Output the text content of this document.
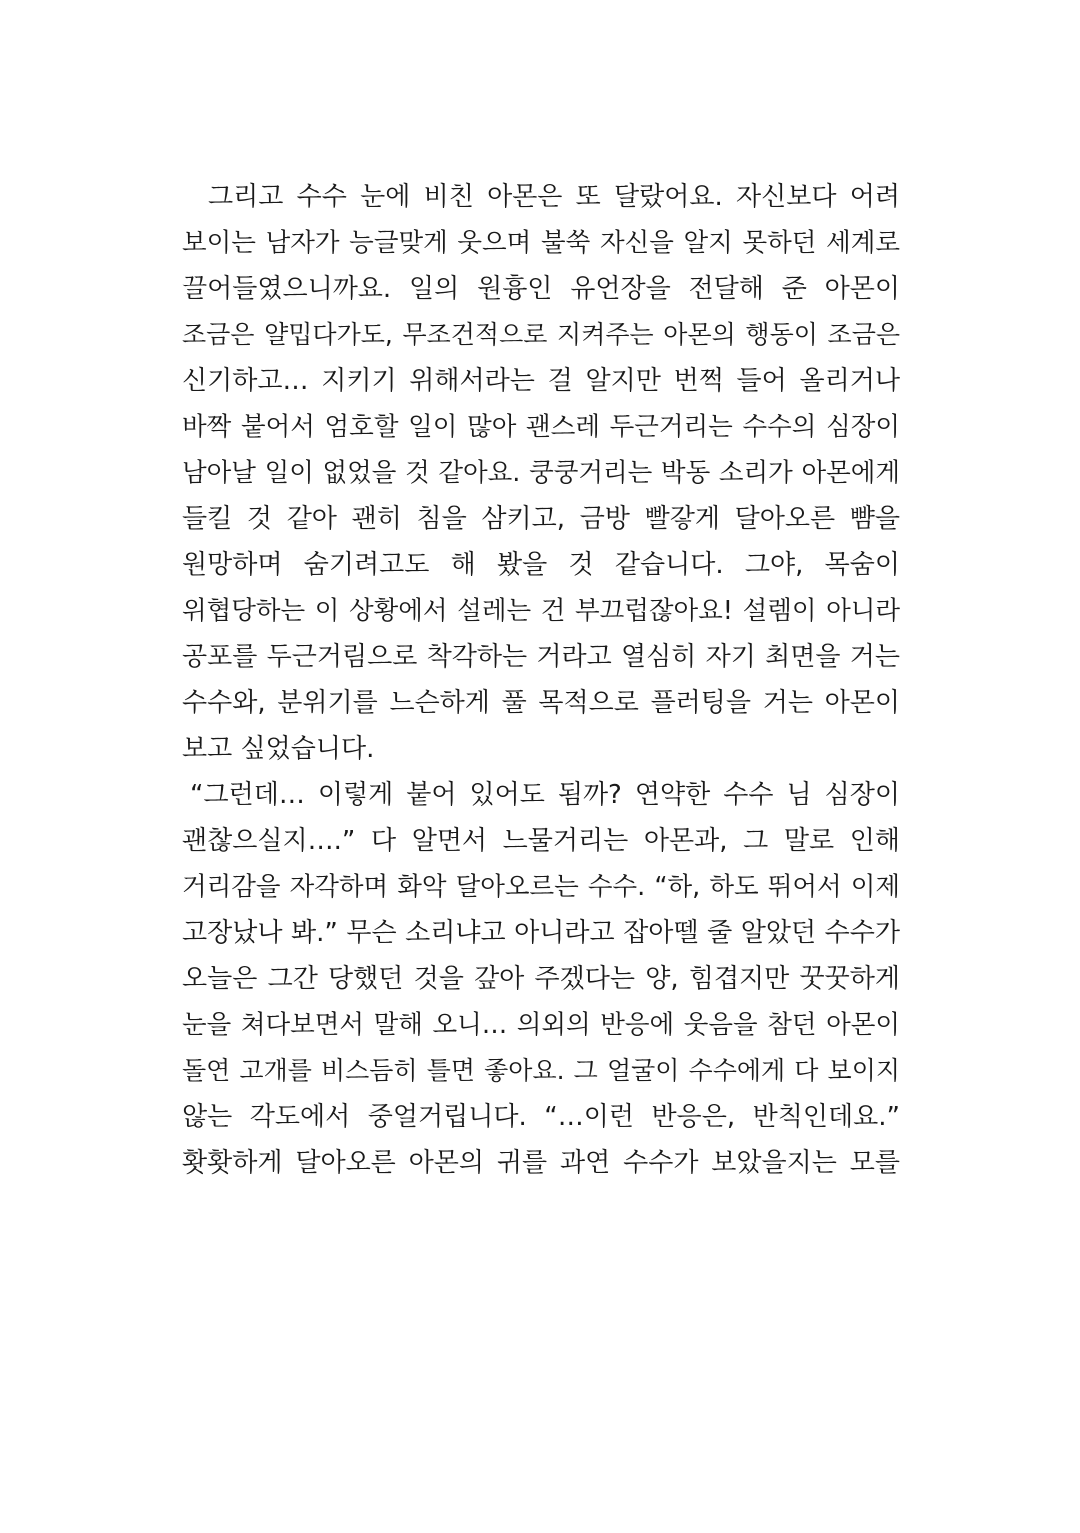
그리고 수수 눈에 비친 아몬은 또 달랐어요. 자신보다 어려
보이는 남자가 능글맞게 웃으며 불쑥 자신을 알지 못하던 세계로
끌어들였으니까요. 일의 원흉인 유언장을 전달해 준 아몬이
조금은 얄밉다가도, 무조건적으로 지켜주는 아몬의 행동이 조금은
신기하고… 지키기 위해서라는 걸 알지만 번쩍 들어 올리거나
바짝 붙어서 엄호할 일이 많아 괜스레 두근거리는 수수의 심장이
남아날 일이 없었을 것 같아요. 쿵쿵거리는 박동 소리가 아몬에게
들킬 것 같아 괜히 침을 삼키고, 금방 빨갛게 달아오른 뺨을
원망하며 숨기려고도 해 봤을 것 같습니다. 그야, 목숨이
위협당하는 이 상황에서 설레는 건 부끄럽잖아요! 설렘이 아니라
공포를 두근거림으로 착각하는 거라고 열심히 자기 최면을 거는
수수와, 분위기를 느슨하게 풀 목적으로 플러팅을 거는 아몬이
보고 싶었습니다.
“그런데… 이렇게 붙어 있어도 됨까? 연약한 수수 님 심장이
괜찮으실지….” 다 알면서 느물거리는 아몬과, 그 말로 인해
거리감을 자각하며 화악 달아오르는 수수. “하, 하도 뛰어서 이제
고장났나 봐.” 무슨 소리냐고 아니라고 잡아뗄 줄 알았던 수수가
오늘은 그간 당했던 것을 갚아 주겠다는 양, 힘겹지만 꿋꿋하게
눈을 쳐다보면서 말해 오니… 의외의 반응에 웃음을 참던 아몬이
돌연 고개를 비스듬히 틀면 좋아요. 그 얼굴이 수수에게 다 보이지
않는 각도에서 중얼거립니다. “…이런 반응은, 반칙인데요.”
홧홧하게 달아오른 아몬의 귀를 과연 수수가 보았을지는 모를
